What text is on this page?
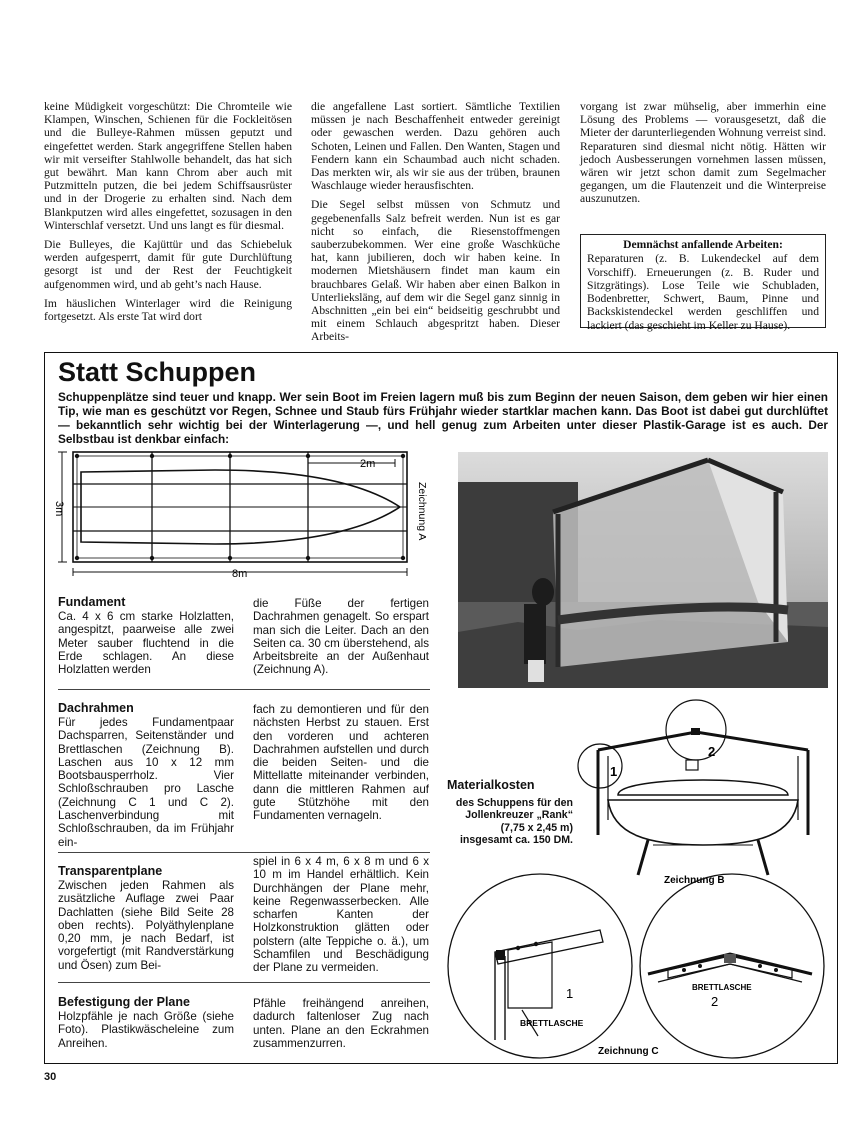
keine Müdigkeit vorgeschützt: Die Chromteile wie Klampen, Winschen, Schienen für die Fockleitösen und die Bulleye-Rahmen müssen geputzt und eingefettet werden. Stark angegriffene Stellen haben wir mit verseifter Stahlwolle behandelt, das hat sich gut bewährt. Man kann Chrom aber auch mit Putzmitteln putzen, die bei jedem Schiffsausrüster und in der Drogerie zu erhalten sind. Nach dem Blankputzen wird alles eingefettet, sozusagen in den Winterschlaf versetzt. Und uns langt es für diesmal.

Die Bulleyes, die Kajüttür und das Schiebeluk werden aufgesperrt, damit für gute Durchlüftung gesorgt ist und der Rest der Feuchtigkeit aufgenommen wird, und ab geht’s nach Hause.

Im häuslichen Winterlager wird die Reinigung fortgesetzt. Als erste Tat wird dort

die angefallene Last sortiert. Sämtliche Textilien müssen je nach Beschaffenheit entweder gereinigt oder gewaschen werden. Dazu gehören auch Schoten, Leinen und Fallen. Den Wanten, Stagen und Fendern kann ein Schaumbad auch nicht schaden. Das merkten wir, als wir sie aus der trüben, braunen Waschlauge wieder herausfischten.

Die Segel selbst müssen von Schmutz und gegebenenfalls Salz befreit werden. Nun ist es gar nicht so einfach, die Riesenstoffmengen sauberzubekommen. Wer eine große Waschküche hat, kann jubilieren, doch wir haben keine. In modernen Mietshäusern findet man kaum ein brauchbares Gelaß. Wir haben aber einen Balkon in Unterlieksläng, auf dem wir die Segel ganz sinnig in Abschnitten „ein bei ein“ beidseitig geschrubbt und mit einem Schlauch abgespritzt haben. Dieser Arbeits-

vorgang ist zwar mühselig, aber immerhin eine Lösung des Problems — vorausgesetzt, daß die Mieter der darunterliegenden Wohnung verreist sind. Reparaturen sind diesmal nicht nötig. Hätten wir jedoch Ausbesserungen vornehmen lassen müssen, wären wir jetzt schon damit zum Segelmacher gegangen, um die Flautenzeit und die Winterpreise auszunutzen.

Demnächst anfallende Arbeiten:
Reparaturen (z. B. Lukendeckel auf dem Vorschiff). Erneuerungen (z. B. Ruder und Sitzgrätings). Lose Teile wie Schubladen, Bodenbretter, Schwert, Baum, Pinne und Backskistendeckel werden geschliffen und lackiert (das geschieht im Keller zu Hause).
Statt Schuppen
Schuppenplätze sind teuer und knapp. Wer sein Boot im Freien lagern muß bis zum Beginn der neuen Saison, dem geben wir hier einen Tip, wie man es geschützt vor Regen, Schnee und Staub fürs Frühjahr wieder startklar machen kann. Das Boot ist dabei gut durchlüftet — bekanntlich sehr wichtig bei der Winterlagerung —, und hell genug zum Arbeiten unter dieser Plastik-Garage ist es auch. Der Selbstbau ist denkbar einfach:
3m
8m
2m
Zeichnung A
Fundament
Ca. 4 x 6 cm starke Holzlatten, angespitzt, paarweise alle zwei Meter sauber fluchtend in die Erde schlagen. An diese Holzlatten werden
die Füße der fertigen Dachrahmen genagelt. So erspart man sich die Leiter. Dach an den Seiten ca. 30 cm überstehend, als Arbeitsbreite an der Außenhaut (Zeichnung A).
Dachrahmen
Für jedes Fundamentpaar Dachsparren, Seitenständer und Brettlaschen (Zeichnung B). Laschen aus 10 x 12 mm Bootsbausperrholz. Vier Schloßschrauben pro Lasche (Zeichnung C 1 und C 2). Laschenverbindung mit Schloßschrauben, da im Frühjahr ein-
fach zu demontieren und für den nächsten Herbst zu stauen. Erst den vorderen und achteren Dachrahmen aufstellen und durch die beiden Seiten- und die Mittellatte miteinander verbinden, dann die mittleren Rahmen auf gute Stützhöhe mit den Fundamenten vernageln.
Transparentplane
Zwischen jeden Rahmen als zusätzliche Auflage zwei Paar Dachlatten (siehe Bild Seite 28 oben rechts). Polyäthylenplane 0,20 mm, je nach Bedarf, ist vorgefertigt (mit Randverstärkung und Ösen) zum Bei-
spiel in 6 x 4 m, 6 x 8 m und 6 x 10 m im Handel erhältlich. Kein Durchhängen der Plane mehr, keine Regenwasserbecken. Alle scharfen Kanten der Holzkonstruktion glätten oder polstern (alte Teppiche o. ä.), um Schamfilen und Beschädigung der Plane zu vermeiden.
Befestigung der Plane
Holzpfähle je nach Größe (siehe Foto). Plastikwäscheleine zum Anreihen.
Pfähle freihängend anreihen, dadurch faltenloser Zug nach unten. Plane an den Eckrahmen zusammenzurren.
Materialkosten
des Schuppens für den Jollenkreuzer „Rank“ (7,75 x 2,45 m) insgesamt ca. 150 DM.
1
2
Zeichnung B
1
BRETTLASCHE
BRETTLASCHE
2
Zeichnung C
30
